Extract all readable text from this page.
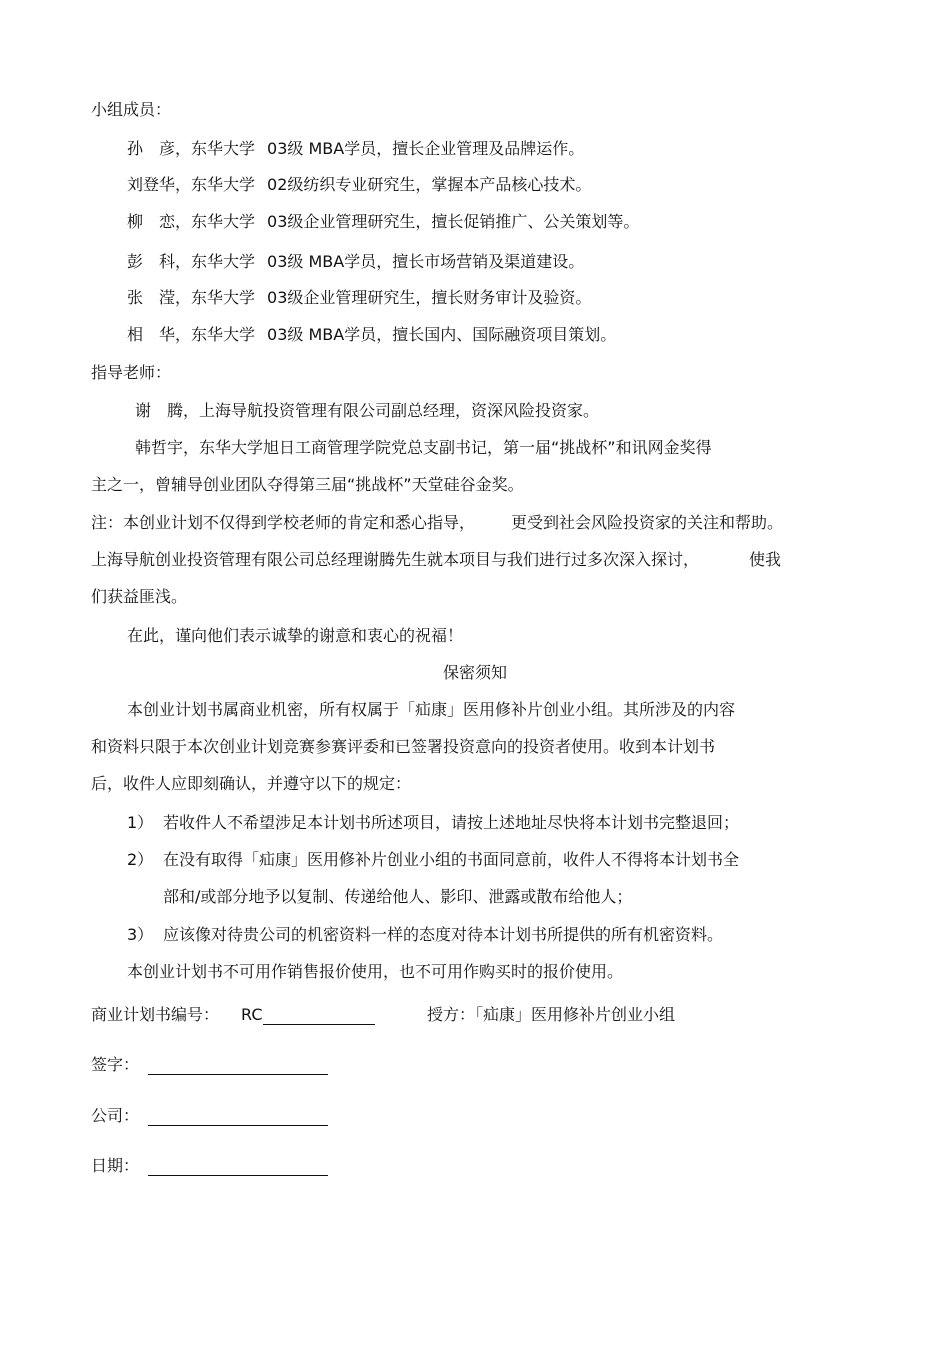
小组成员：
孙　彦，东华大学 03级 MBA学员，擅长企业管理及品牌运作。
刘登华，东华大学 02级纺织专业研究生，掌握本产品核心技术。
柳　恋，东华大学 03级企业管理研究生，擅长促销推广、公关策划等。
彭　科，东华大学 03级 MBA学员，擅长市场营销及渠道建设。
张　滢，东华大学 03级企业管理研究生，擅长财务审计及验资。
相　华，东华大学 03级 MBA学员，擅长国内、国际融资项目策划。
指导老师：
谢　腾，上海导航投资管理有限公司副总经理，资深风险投资家。
韩哲宇，东华大学旭日工商管理学院党总支副书记，第一届“挑战杯”和讯网金奖得
主之一，曾辅导创业团队夺得第三届“挑战杯”天堂硅谷金奖。
注：本创业计划不仅得到学校老师的肯定和悉心指导， 更受到社会风险投资家的关注和帮助。
上海导航创业投资管理有限公司总经理谢腾先生就本项目与我们进行过多次深入探讨，	使我
们获益匪浅。
在此，谨向他们表示诚挚的谢意和衷心的祝福！
保密须知
本创业计划书属商业机密，所有权属于「疝康」医用修补片创业小组。其所涉及的内容
和资料只限于本次创业计划竞赛参赛评委和已签署投资意向的投资者使用。收到本计划书
后，收件人应即刻确认，并遵守以下的规定：
1） 若收件人不希望涉足本计划书所述项目，请按上述地址尽快将本计划书完整退回；
2） 在没有取得「疝康」医用修补片创业小组的书面同意前，收件人不得将本计划书全
部和/或部分地予以复制、传递给他人、影印、泄露或散布给他人；
3） 应该像对待贵公司的机密资料一样的态度对待本计划书所提供的所有机密资料。
本创业计划书不可用作销售报价使用，也不可用作购买时的报价使用。
商业计划书编号： RC	授方：「疝康」医用修补片创业小组
签字：
公司：
日期：
